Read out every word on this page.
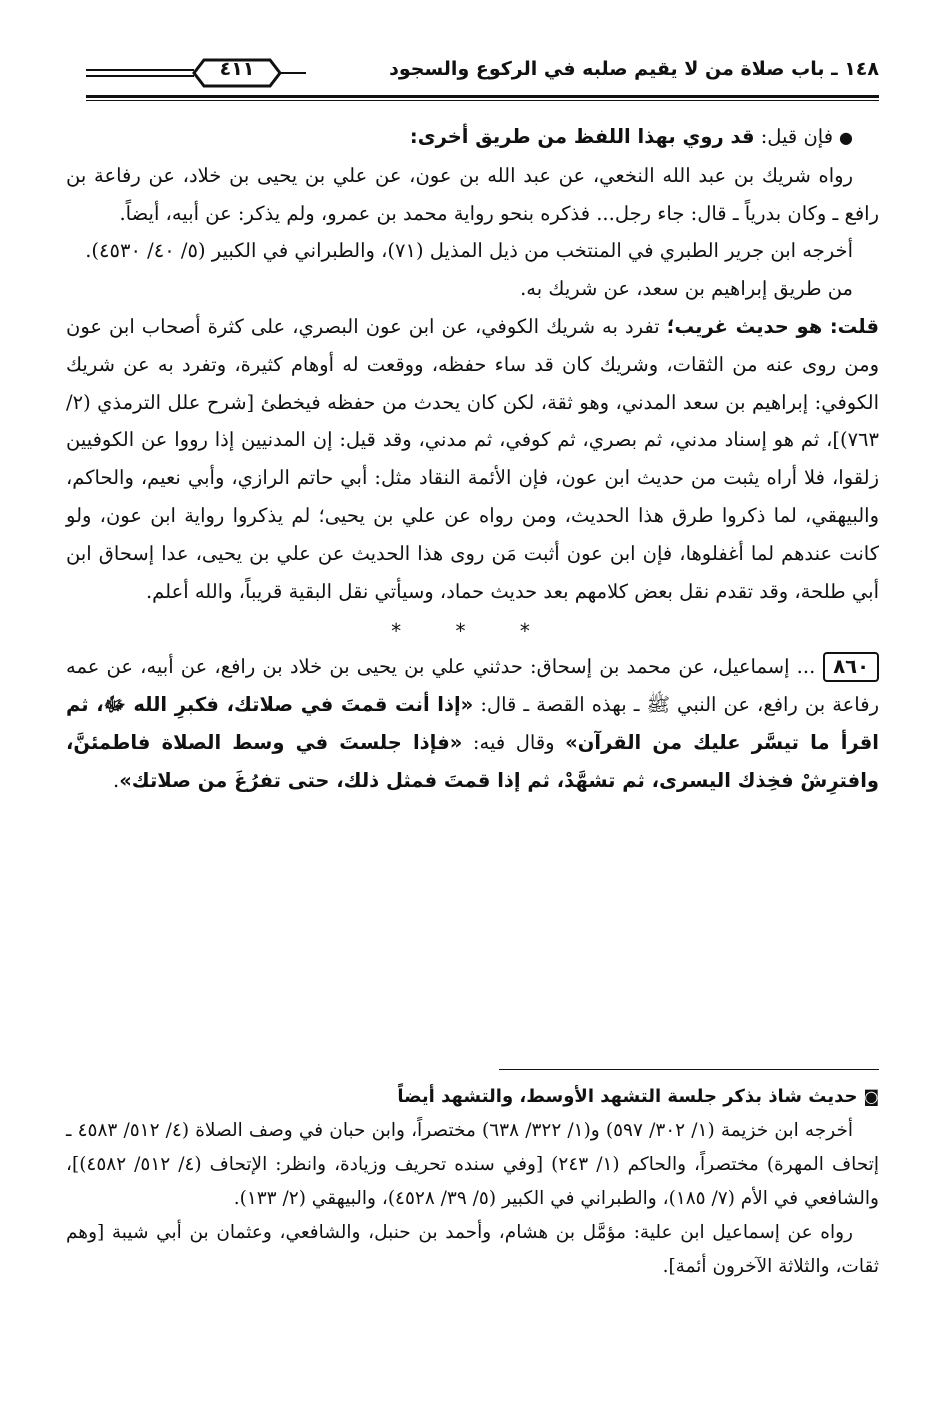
١٤٨ ـ باب صلاة من لا يقيم صلبه في الركوع والسجود
٤١١

●فإن قيل: قد روي بهذا اللفظ من طريق أخرى:

رواه شريك بن عبد الله النخعي، عن عبد الله بن عون، عن علي بن يحيى بن خلاد، عن رفاعة بن رافع ـ وكان بدرياً ـ قال: جاء رجل... فذكره بنحو رواية محمد بن عمرو، ولم يذكر: عن أبيه، أيضاً.

أخرجه ابن جرير الطبري في المنتخب من ذيل المذيل (٧١)، والطبراني في الكبير (٥/ ٤٠/ ٤٥٣٠).

من طريق إبراهيم بن سعد، عن شريك به.

قلت: هو حديث غريب؛ تفرد به شريك الكوفي، عن ابن عون البصري، على كثرة أصحاب ابن عون ومن روى عنه من الثقات، وشريك كان قد ساء حفظه، ووقعت له أوهام كثيرة، وتفرد به عن شريك الكوفي: إبراهيم بن سعد المدني، وهو ثقة، لكن كان يحدث من حفظه فيخطئ [شرح علل الترمذي (٢/ ٧٦٣)]، ثم هو إسناد مدني، ثم بصري، ثم كوفي، ثم مدني، وقد قيل: إن المدنيين إذا رووا عن الكوفيين زلقوا، فلا أراه يثبت من حديث ابن عون، فإن الأئمة النقاد مثل: أبي حاتم الرازي، وأبي نعيم، والحاكم، والبيهقي، لما ذكروا طرق هذا الحديث، ومن رواه عن علي بن يحيى؛ لم يذكروا رواية ابن عون، ولو كانت عندهم لما أغفلوها، فإن ابن عون أثبت مَن روى هذا الحديث عن علي بن يحيى، عدا إسحاق ابن أبي طلحة، وقد تقدم نقل بعض كلامهم بعد حديث حماد، وسيأتي نقل البقية قريباً، والله أعلم.

* * *

٨٦٠... إسماعيل، عن محمد بن إسحاق: حدثني علي بن يحيى بن خلاد بن رافع، عن أبيه، عن عمه رفاعة بن رافع، عن النبي ﷺ ـ بهذه القصة ـ قال: «إذا أنت قمتَ في صلاتك، فكبرِ الله ﷻ، ثم اقرأ ما تيسَّر عليك من القرآن» وقال فيه: «فإذا جلستَ في وسط الصلاة فاطمئنَّ، وافترِشْ فخِذك اليسرى، ثم تشهَّدْ، ثم إذا قمتَ فمثل ذلك، حتى تفرُغَ من صلاتك».

◙حديث شاذ بذكر جلسة التشهد الأوسط، والتشهد أيضاً

أخرجه ابن خزيمة (١/ ٣٠٢/ ٥٩٧) و(١/ ٣٢٢/ ٦٣٨) مختصراً، وابن حبان في وصف الصلاة (٤/ ٥١٢/ ٤٥٨٣ ـ إتحاف المهرة) مختصراً، والحاكم (١/ ٢٤٣) [وفي سنده تحريف وزيادة، وانظر: الإتحاف (٤/ ٥١٢/ ٤٥٨٢)]، والشافعي في الأم (٧/ ١٨٥)، والطبراني في الكبير (٥/ ٣٩/ ٤٥٢٨)، والبيهقي (٢/ ١٣٣).

رواه عن إسماعيل ابن علية: مؤمَّل بن هشام، وأحمد بن حنبل، والشافعي، وعثمان بن أبي شيبة [وهم ثقات، والثلاثة الآخرون أئمة].
